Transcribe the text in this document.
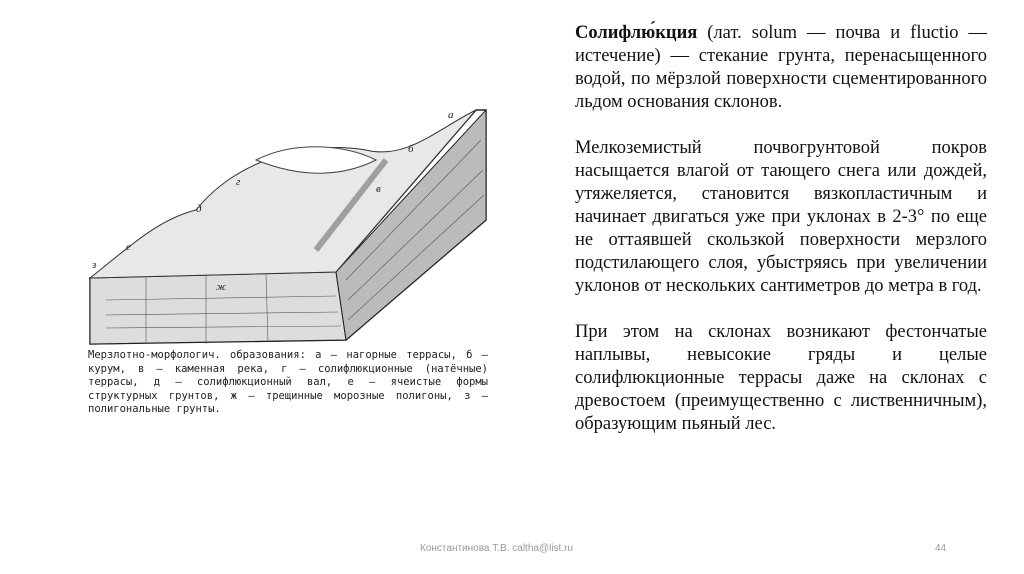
Солифлю́кция (лат. solum — почва и fluctio — истечение) — стекание грунта, перенасыщенного водой, по мёрзлой поверхности сцементированного льдом основания склонов.

Мелкоземистый почвогрунтовой покров насыщается влагой от тающего снега или дождей, утяжеляется, становится вязкопластичным и начинает двигаться уже при уклонах в 2-3° по еще не оттаявшей скользкой поверхности мерзлого подстилающего слоя, убыстряясь при увеличении уклонов от нескольких сантиметров до метра в год.

При этом на склонах возникают фестончатые наплывы, невысокие гряды и целые солифлюкционные террасы даже на склонах с древостоем (преимущественно с лиственничным), образующим пьяный лес.

а
б
в
г
д
е
ж
з
Мерзлотно-морфологич. образования: а — нагорные террасы, б — курум, в — каменная река, г — солифлюкционные (натёчные) террасы, д — солифлюкционный вал, е — ячеистые формы структурных грунтов, ж — трещинные морозные полигоны, з — полигональные грунты.
Константинова Т.В. caltha@list.ru	44
